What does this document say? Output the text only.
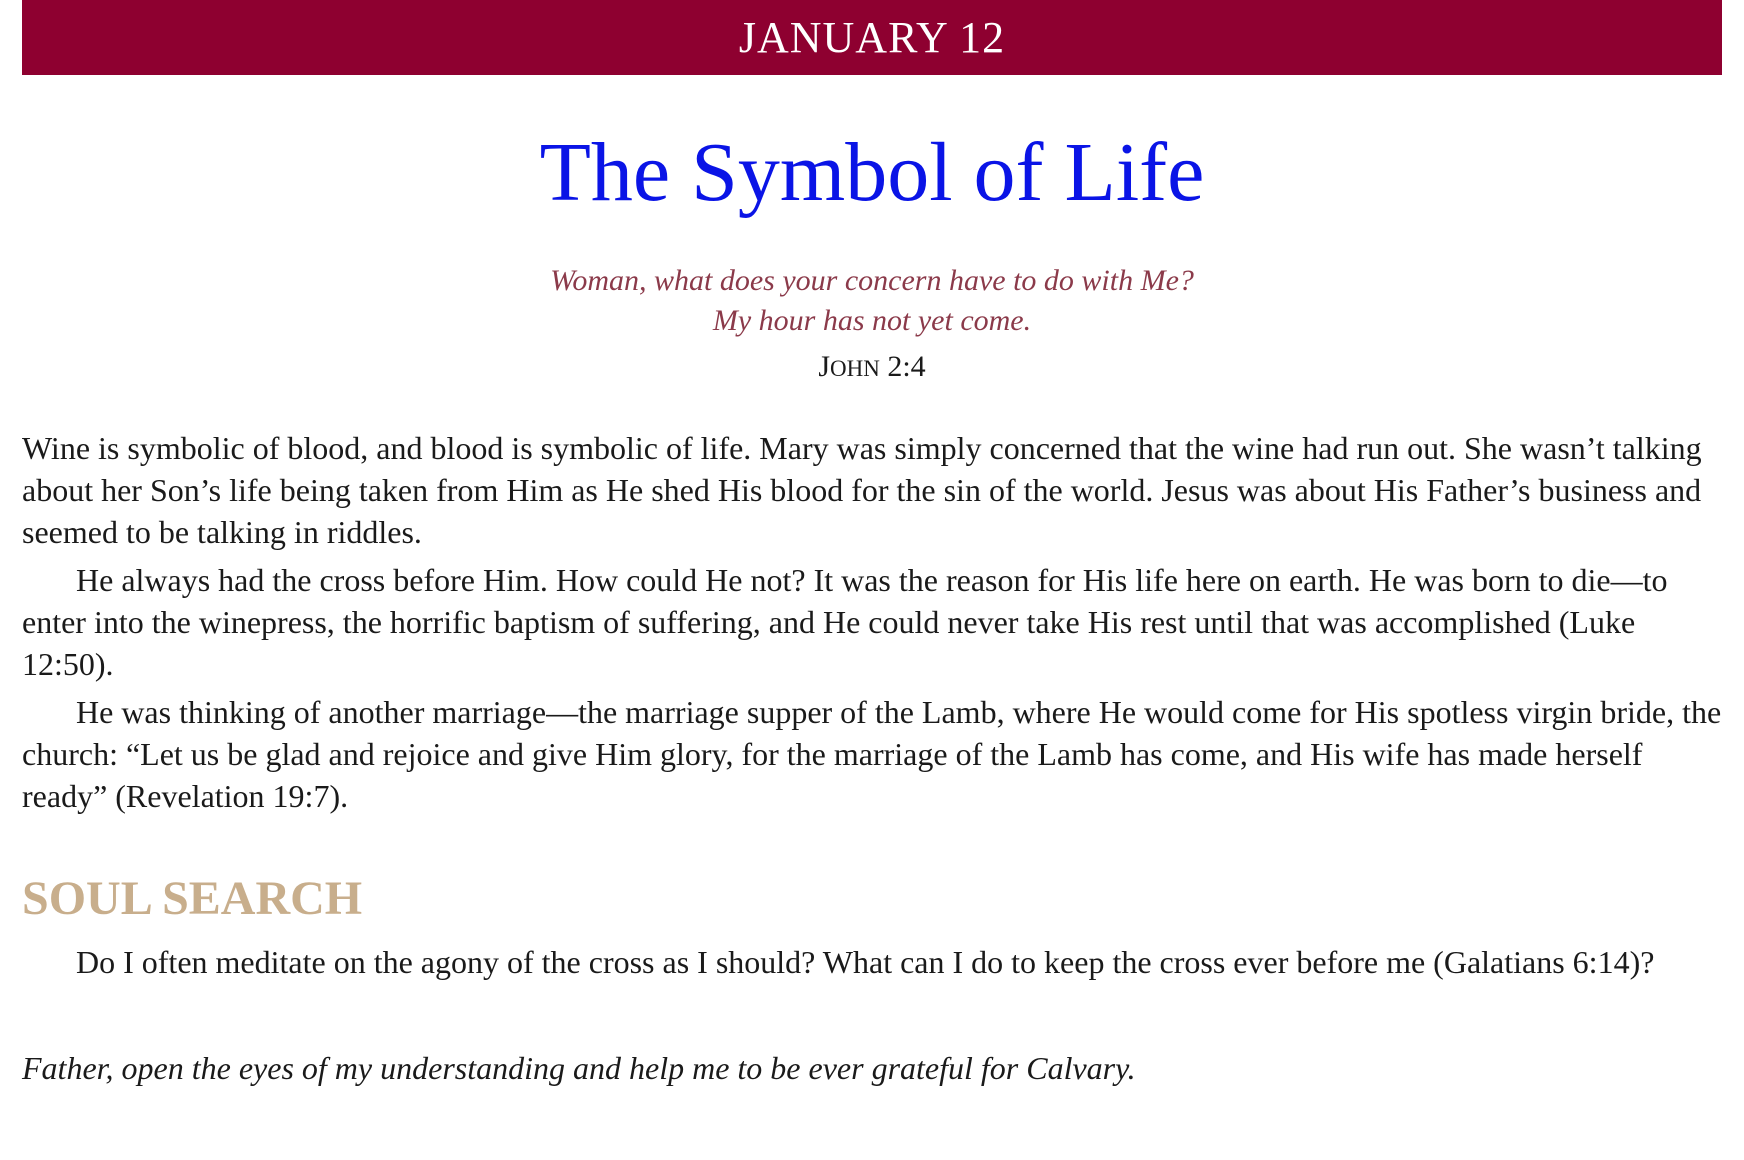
JANUARY 12
The Symbol of Life
Woman, what does your concern have to do with Me?
My hour has not yet come.
JOHN 2:4

Wine is symbolic of blood, and blood is symbolic of life. Mary was simply concerned that the wine had run out. She wasn’t talking about her Son’s life being taken from Him as He shed His blood for the sin of the world. Jesus was about His Father’s business and seemed to be talking in riddles.

He always had the cross before Him. How could He not? It was the reason for His life here on earth. He was born to die—to enter into the winepress, the horrific baptism of suffering, and He could never take His rest until that was accomplished (Luke 12:50).

He was thinking of another marriage—the marriage supper of the Lamb, where He would come for His spotless virgin bride, the church: “Let us be glad and rejoice and give Him glory, for the marriage of the Lamb has come, and His wife has made herself ready” (Revelation 19:7).

SOUL SEARCH
Do I often meditate on the agony of the cross as I should? What can I do to keep the cross ever before me (Galatians 6:14)?
Father, open the eyes of my understanding and help me to be ever grateful for Calvary.
